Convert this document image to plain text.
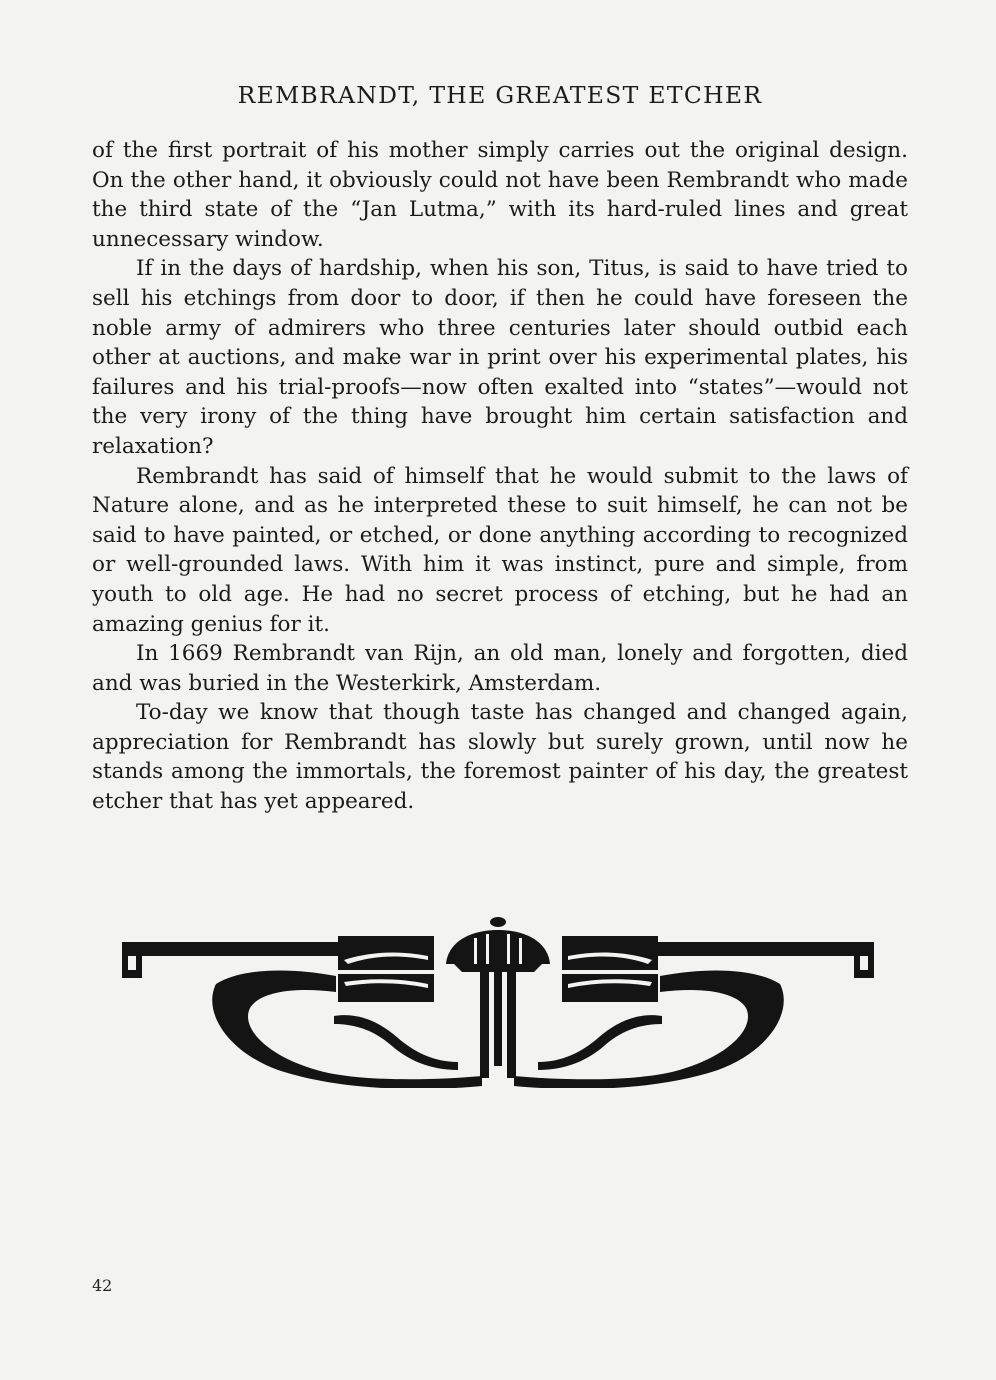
REMBRANDT, THE GREATEST ETCHER

of the first portrait of his mother simply carries out the original design. On the other hand, it obviously could not have been Rembrandt who made the third state of the “Jan Lutma,” with its hard-ruled lines and great unnecessary window.

If in the days of hardship, when his son, Titus, is said to have tried to sell his etchings from door to door, if then he could have foreseen the noble army of admirers who three centuries later should outbid each other at auctions, and make war in print over his experimental plates, his failures and his trial-proofs—now often exalted into “states”—would not the very irony of the thing have brought him certain satisfaction and relaxation?

Rembrandt has said of himself that he would submit to the laws of Nature alone, and as he interpreted these to suit himself, he can not be said to have painted, or etched, or done anything according to recognized or well-grounded laws. With him it was instinct, pure and simple, from youth to old age. He had no secret process of etching, but he had an amazing genius for it.

In 1669 Rembrandt van Rijn, an old man, lonely and forgotten, died and was buried in the Westerkirk, Amsterdam.

To-day we know that though taste has changed and changed again, appreciation for Rembrandt has slowly but surely grown, until now he stands among the immortals, the foremost painter of his day, the greatest etcher that has yet appeared.

42
